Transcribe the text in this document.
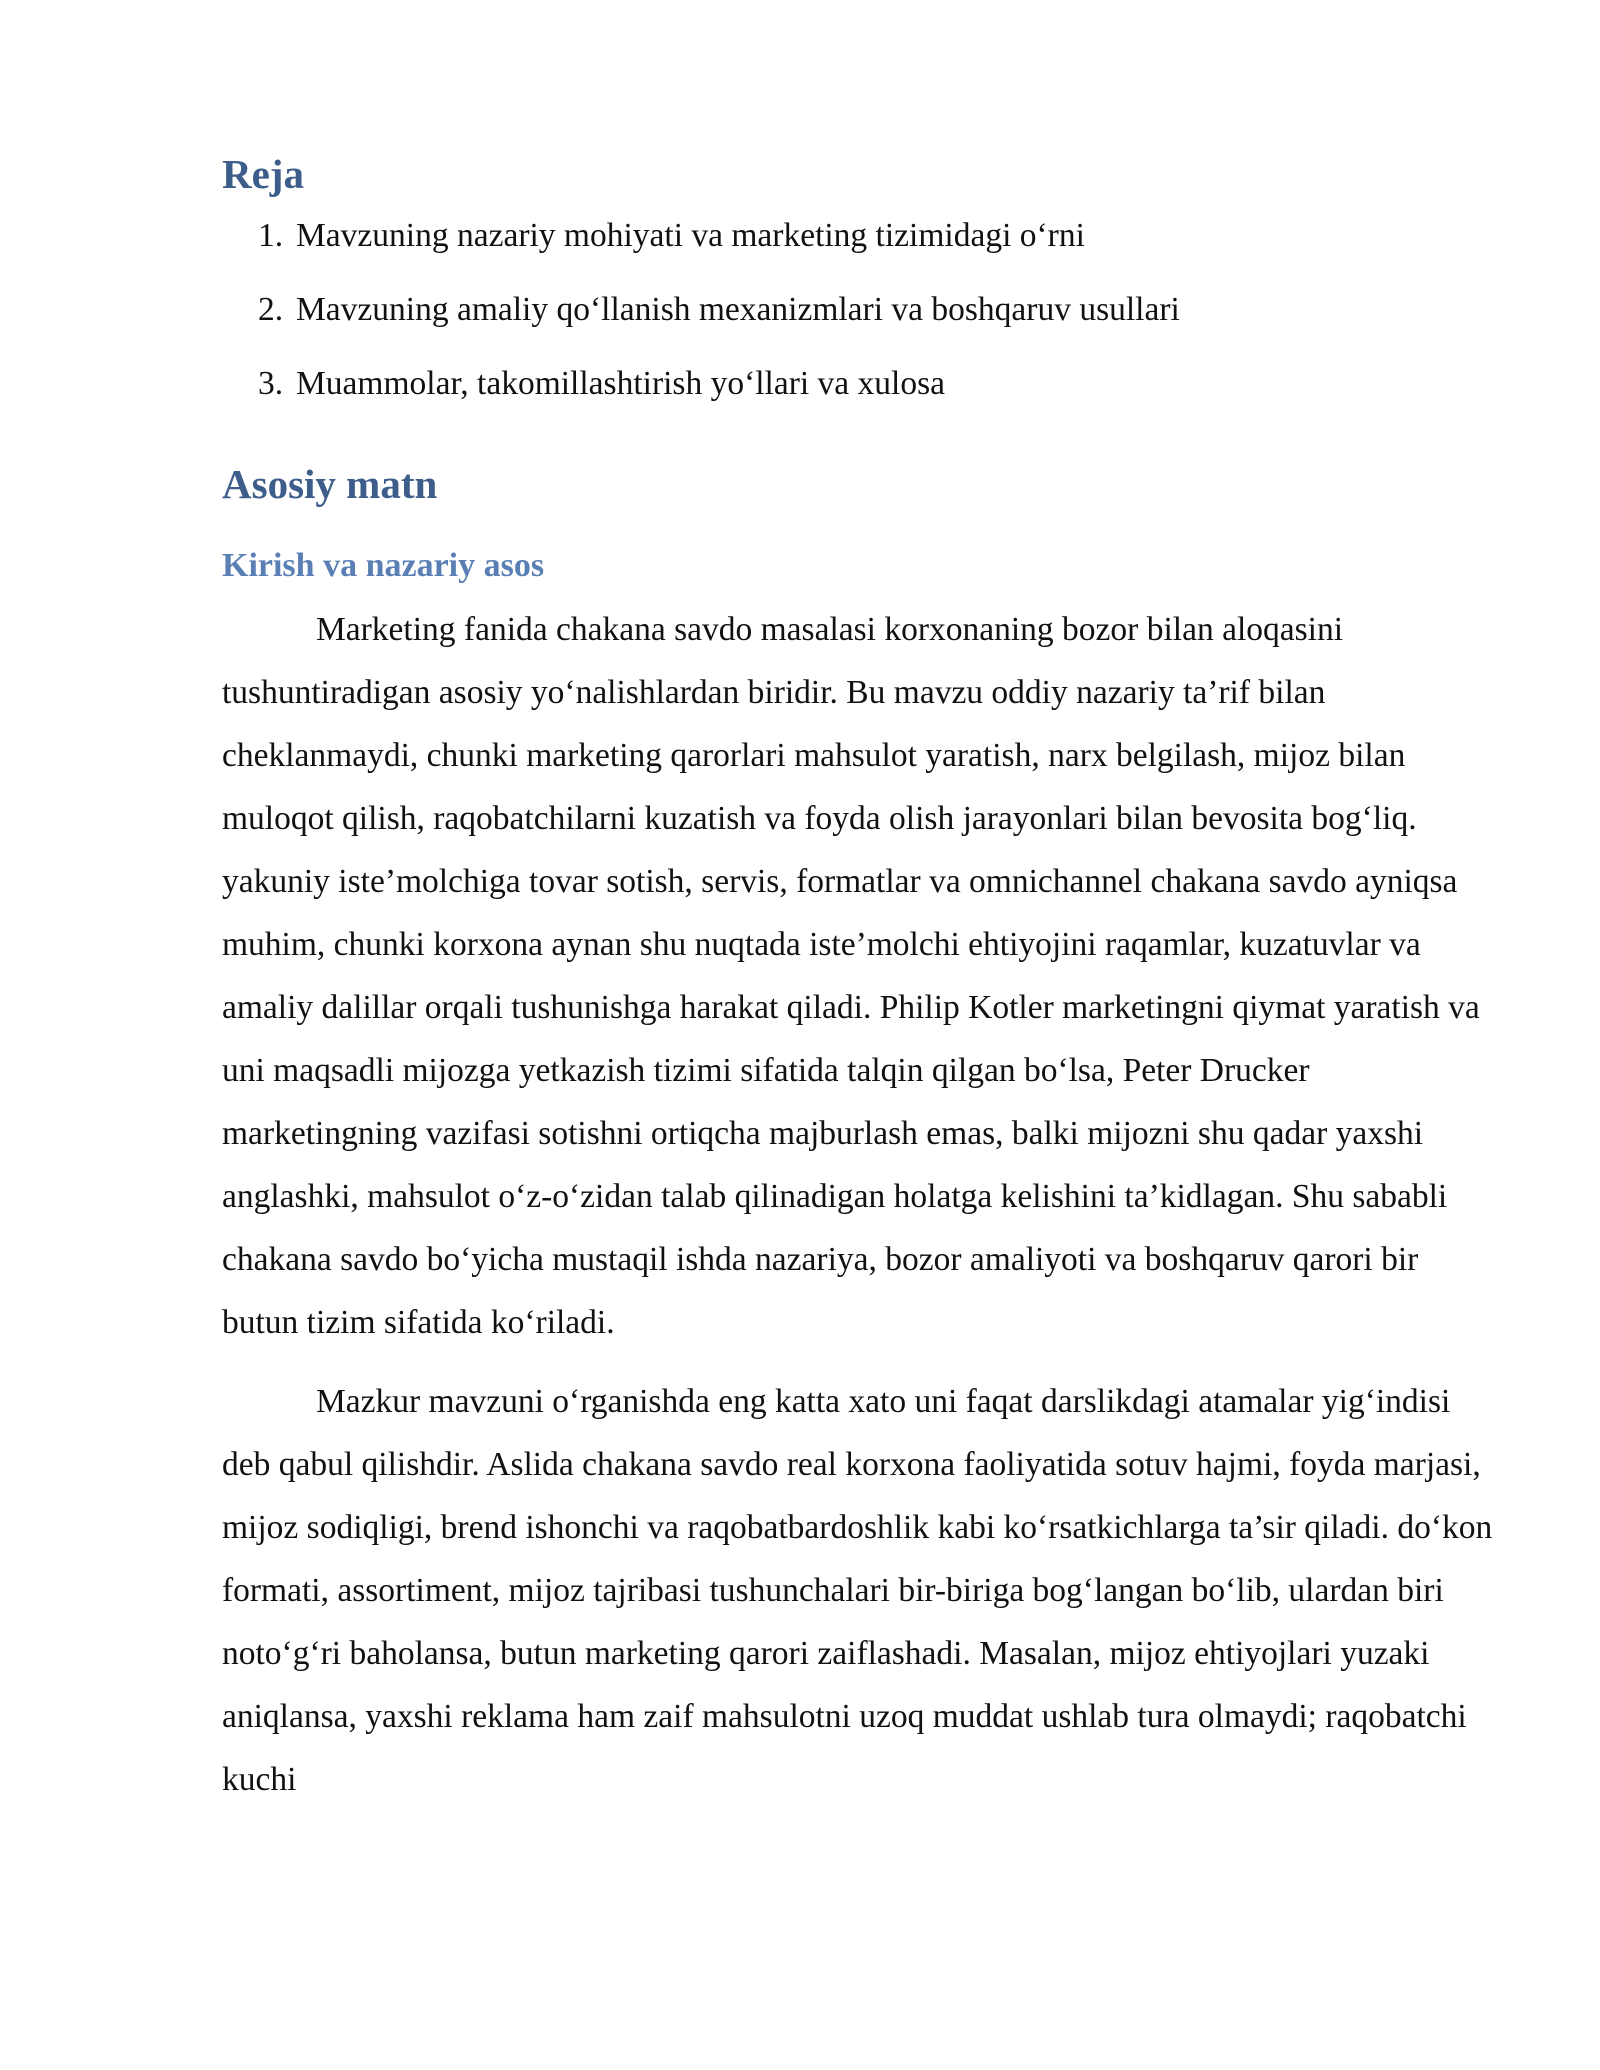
Reja
1. Mavzuning nazariy mohiyati va marketing tizimidagi o‘rni
2. Mavzuning amaliy qo‘llanish mexanizmlari va boshqaruv usullari
3. Muammolar, takomillashtirish yo‘llari va xulosa
Asosiy matn
Kirish va nazariy asos

Marketing fanida chakana savdo masalasi korxonaning bozor bilan aloqasini tushuntiradigan asosiy yo‘nalishlardan biridir. Bu mavzu oddiy nazariy ta’rif bilan cheklanmaydi, chunki marketing qarorlari mahsulot yaratish, narx belgilash, mijoz bilan muloqot qilish, raqobatchilarni kuzatish va foyda olish jarayonlari bilan bevosita bog‘liq. yakuniy iste’molchiga tovar sotish, servis, formatlar va omnichannel chakana savdo ayniqsa muhim, chunki korxona aynan shu nuqtada iste’molchi ehtiyojini raqamlar, kuzatuvlar va amaliy dalillar orqali tushunishga harakat qiladi. Philip Kotler marketingni qiymat yaratish va uni maqsadli mijozga yetkazish tizimi sifatida talqin qilgan bo‘lsa, Peter Drucker marketingning vazifasi sotishni ortiqcha majburlash emas, balki mijozni shu qadar yaxshi anglashki, mahsulot o‘z-o‘zidan talab qilinadigan holatga kelishini ta’kidlagan. Shu sababli chakana savdo bo‘yicha mustaqil ishda nazariya, bozor amaliyoti va boshqaruv qarori bir butun tizim sifatida ko‘riladi.

Mazkur mavzuni o‘rganishda eng katta xato uni faqat darslikdagi atamalar yig‘indisi deb qabul qilishdir. Aslida chakana savdo real korxona faoliyatida sotuv hajmi, foyda marjasi, mijoz sodiqligi, brend ishonchi va raqobatbardoshlik kabi ko‘rsatkichlarga ta’sir qiladi. do‘kon formati, assortiment, mijoz tajribasi tushunchalari bir-biriga bog‘langan bo‘lib, ulardan biri noto‘g‘ri baholansa, butun marketing qarori zaiflashadi. Masalan, mijoz ehtiyojlari yuzaki aniqlansa, yaxshi reklama ham zaif mahsulotni uzoq muddat ushlab tura olmaydi; raqobatchi kuchi
